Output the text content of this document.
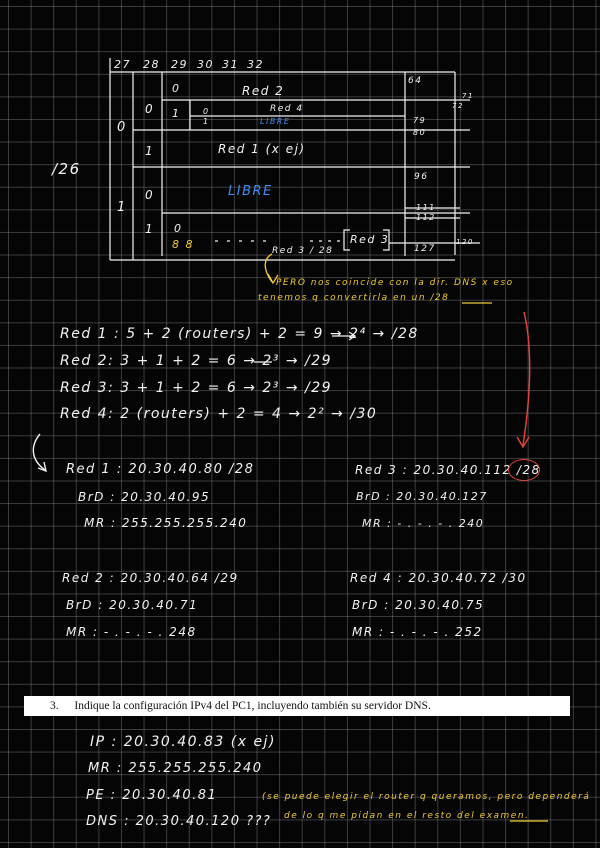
27 28 29 30 31 32
/26
0
1
0
1
0
1
0
1	0
1
0
8 8
Red 2
Red 4
LIBRE
Red 1 (x ej)
LIBRE
Red 3 / 28
Red 3
64
71
72
79
80
96
111
112
127
120
PERO nos coincide con la dir. DNS x eso
tenemos q convertirla en un /28
Red 1 : 5 + 2 (routers) + 2 = 9 → 2⁴ → /28
Red 2: 3 + 1 + 2 = 6 → 2³ → /29
Red 3: 3 + 1 + 2 = 6 → 2³ → /29
Red 4: 2 (routers) + 2 = 4 → 2² → /30
Red 1 : 20.30.40.80 /28
BrD : 20.30.40.95
MR : 255.255.255.240
Red 3 : 20.30.40.112 /28
BrD : 20.30.40.127
MR : - . - . - . 240
Red 2 : 20.30.40.64 /29
BrD : 20.30.40.71
MR : - . - . - . 248
Red 4 : 20.30.40.72 /30
BrD : 20.30.40.75
MR : - . - . - . 252
3. Indique la configuración IPv4 del PC1, incluyendo también su servidor DNS.
IP : 20.30.40.83 (x ej)
MR : 255.255.255.240
PE : 20.30.40.81	(se puede elegir el router q queramos, pero dependerá
DNS : 20.30.40.120 ??? de lo q me pidan en el resto del examen.
